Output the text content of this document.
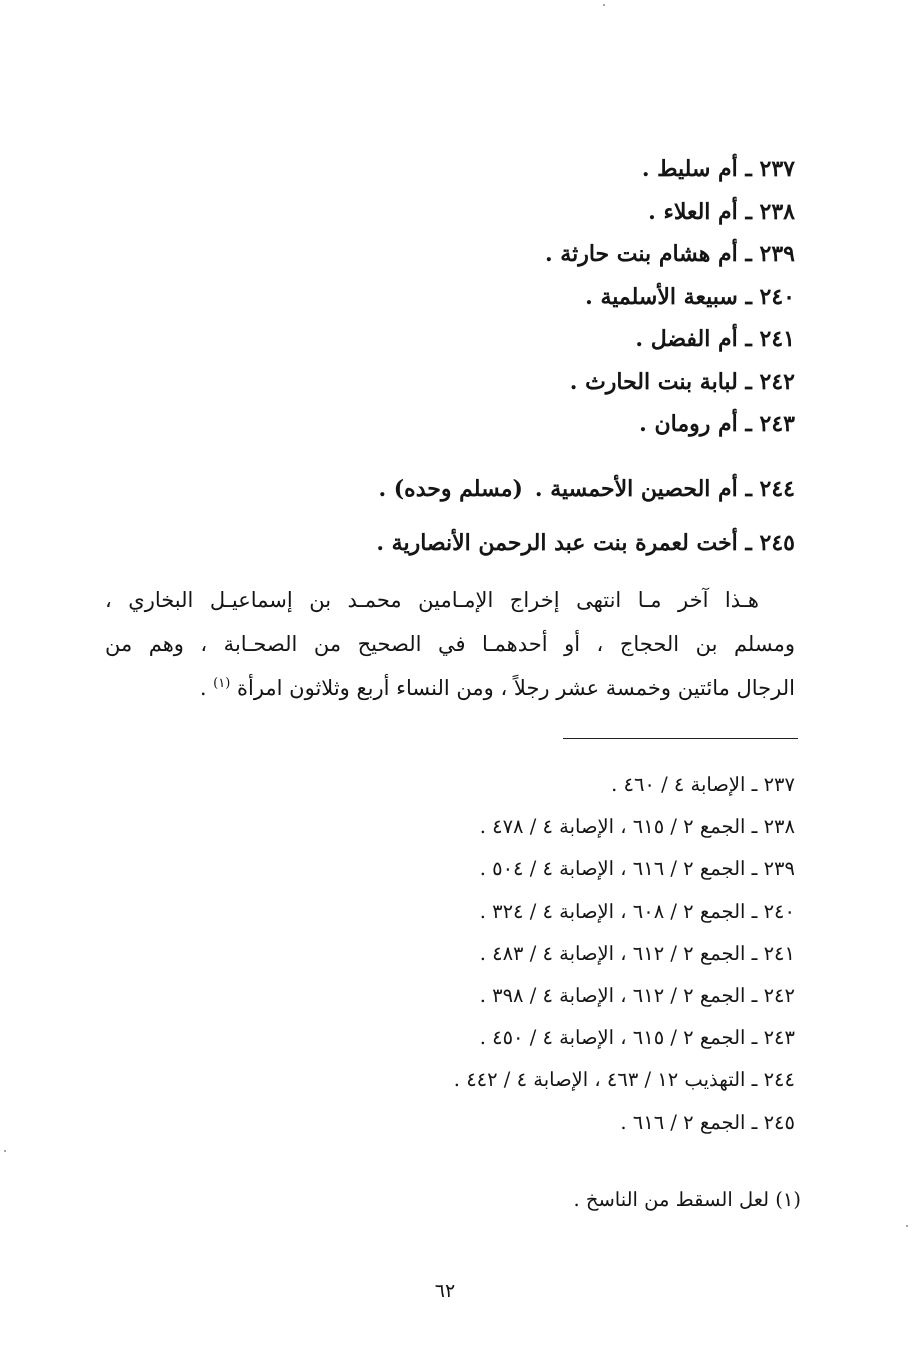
٢٣٧ ـ أم سليط .
٢٣٨ ـ أم العلاء .
٢٣٩ ـ أم هشام بنت حارثة .
٢٤٠ ـ سبيعة الأسلمية .
٢٤١ ـ أم الفضل .
٢٤٢ ـ لبابة بنت الحارث .
٢٤٣ ـ أم رومان .
٢٤٤ ـ أم الحصين الأحمسية .(مسلم وحده) .
٢٤٥ ـ أخت لعمرة بنت عبد الرحمن الأنصارية .

هـذا آخر مـا انتهى إخراج الإمـامين محمـد بن إسماعيـل البخاري ،
ومسلم بن الحجاج ، أو أحدهمـا في الصحيح من الصحـابة ، وهم من
الرجال مائتين وخمسة عشر رجلاً ، ومن النساء أربع وثلاثون امرأة $^{(١)}$ .

٢٣٧ ـ الإصابة ٤ / ٤٦٠ .
٢٣٨ ـ الجمع ٢ / ٦١٥ ، الإصابة ٤ / ٤٧٨ .
٢٣٩ ـ الجمع ٢ / ٦١٦ ، الإصابة ٤ / ٥٠٤ .
٢٤٠ ـ الجمع ٢ / ٦٠٨ ، الإصابة ٤ / ٣٢٤ .
٢٤١ ـ الجمع ٢ / ٦١٢ ، الإصابة ٤ / ٤٨٣ .
٢٤٢ ـ الجمع ٢ / ٦١٢ ، الإصابة ٤ / ٣٩٨ .
٢٤٣ ـ الجمع ٢ / ٦١٥ ، الإصابة ٤ / ٤٥٠ .
٢٤٤ ـ التهذيب ١٢ / ٤٦٣ ، الإصابة ٤ / ٤٤٢ .
٢٤٥ ـ الجمع ٢ / ٦١٦ .
(١) لعل السقط من الناسخ .
٦٢
